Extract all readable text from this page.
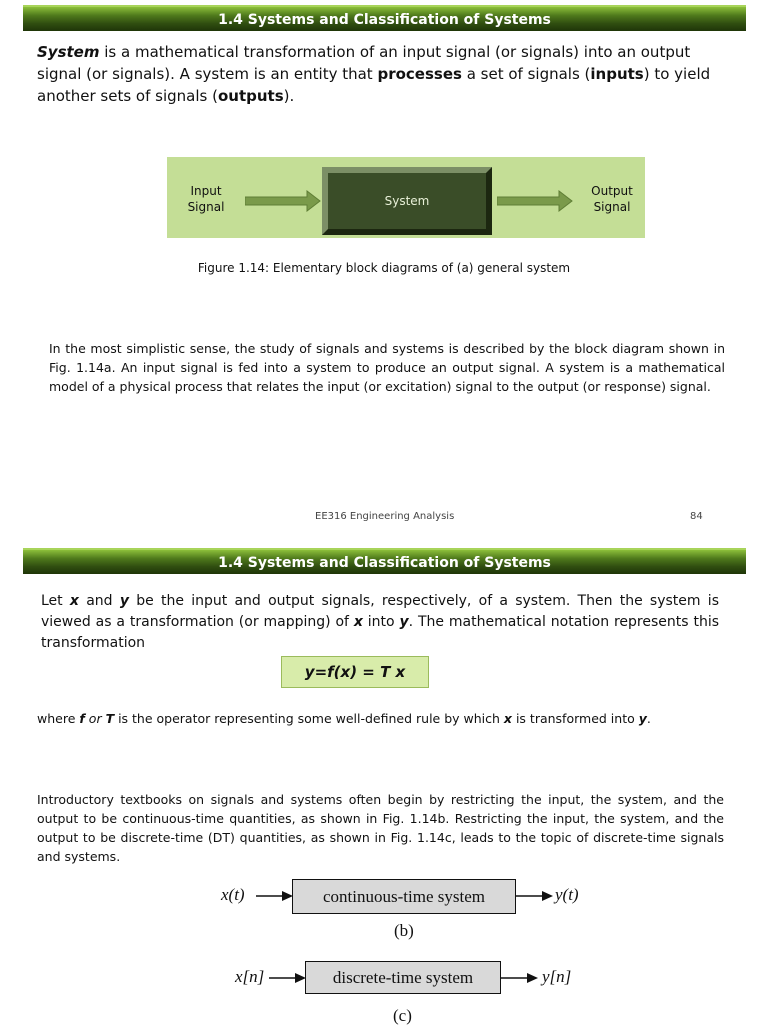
1.4 Systems and Classification of Systems
System is a mathematical transformation of an input signal (or signals) into an output signal (or signals). A system is an entity that processes a set of signals (inputs) to yield another sets of signals (outputs).
Input
Signal	System
Output
Signal
Figure 1.14: Elementary block diagrams of (a) general system
In the most simplistic sense, the study of signals and systems is described by the block diagram shown in Fig. 1.14a. An input signal is fed into a system to produce an output signal. A system is a mathematical model of a physical process that relates the input (or excitation) signal to the output (or response) signal.
EE316 Engineering Analysis	84
1.4 Systems and Classification of Systems
Let x and y be the input and output signals, respectively, of a system. Then the system is viewed as a transformation (or mapping) of x into y. The mathematical notation represents this transformation
y=f(x) = T x
where f or T is the operator representing some well-defined rule by which x is transformed into y.
Introductory textbooks on signals and systems often begin by restricting the input, the system, and the output to be continuous-time quantities, as shown in Fig. 1.14b. Restricting the input, the system, and the output to be discrete-time (DT) quantities, as shown in Fig. 1.14c, leads to the topic of discrete-time signals and systems.
x(t)	continuous-time system	y(t)
(b)
x[n]	discrete-time system	y[n]
(c)
